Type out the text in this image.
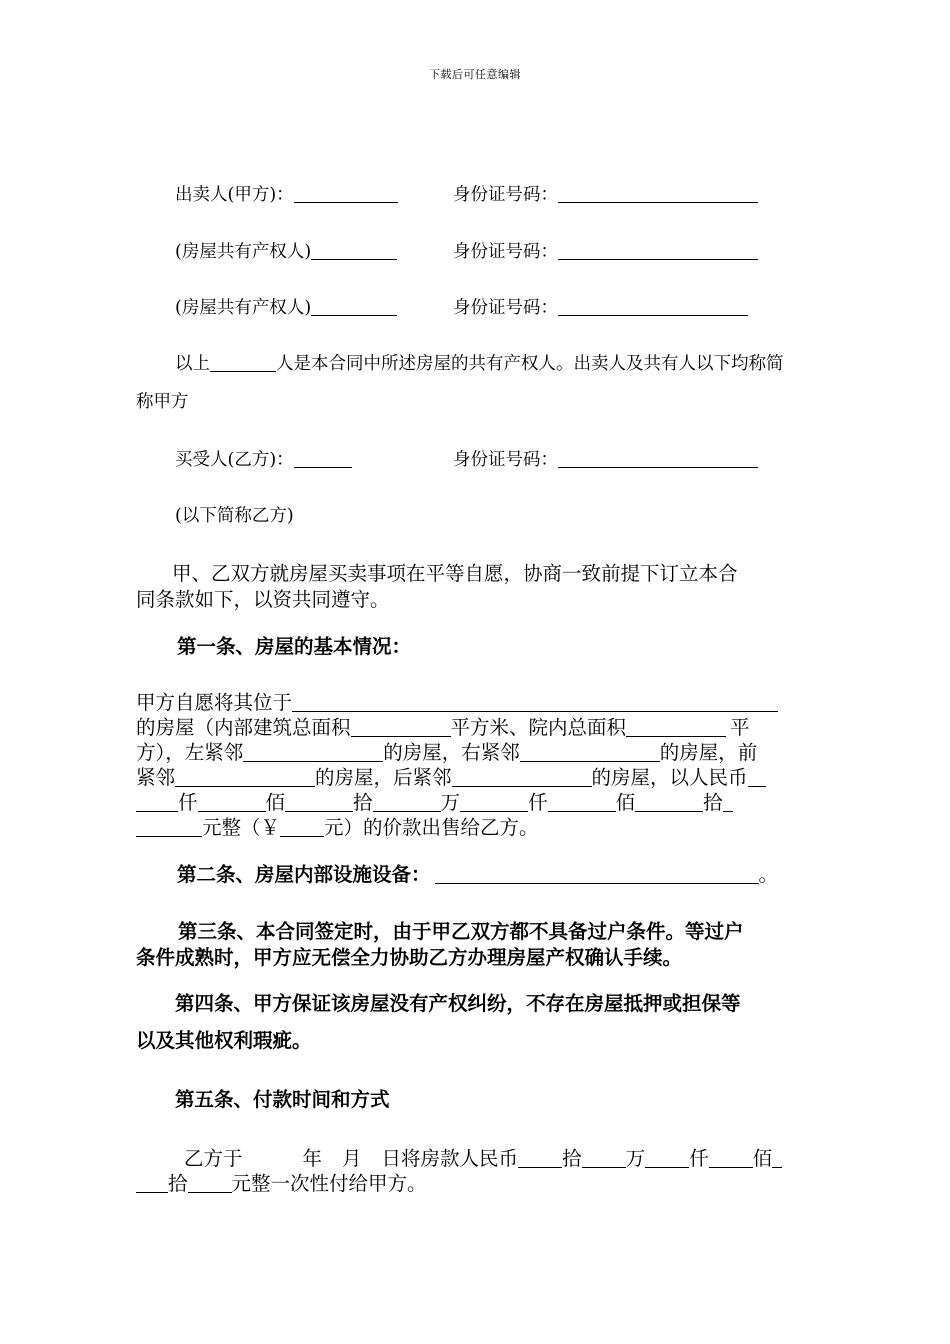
下载后可任意编辑
出卖人(甲方)：	身份证号码：
(房屋共有产权人)	身份证号码：
(房屋共有产权人)	身份证号码：
以上	人是本合同中所述房屋的共有产权人。出卖人及共有人以下均称简
称甲方
买受人(乙方)：	身份证号码：
(以下简称乙方)
甲、乙双方就房屋买卖事项在平等自愿，协商一致前提下订立本合
同条款如下，以资共同遵守。
第一条、房屋的基本情况：
甲方自愿将其位于
的房屋（内部建筑总面积	平方米、院内总面积	平
方），左紧邻	的房屋，右紧邻	的房屋，前
紧邻	的房屋，后紧邻	的房屋，以人民币
仟	佰	拾	万	仟	佰	拾
元整（￥ 元）的价款出售给乙方。
第二条、房屋内部设施设备：	。
第三条、本合同签定时，由于甲乙双方都不具备过户条件。等过户
条件成熟时，甲方应无偿全力协助乙方办理房屋产权确认手续。
第四条、甲方保证该房屋没有产权纠纷，不存在房屋抵押或担保等
以及其他权利瑕疵。
第五条、付款时间和方式
乙方于	年 月 日将房款人民币 拾 万 仟 佰
拾 元整一次性付给甲方。
